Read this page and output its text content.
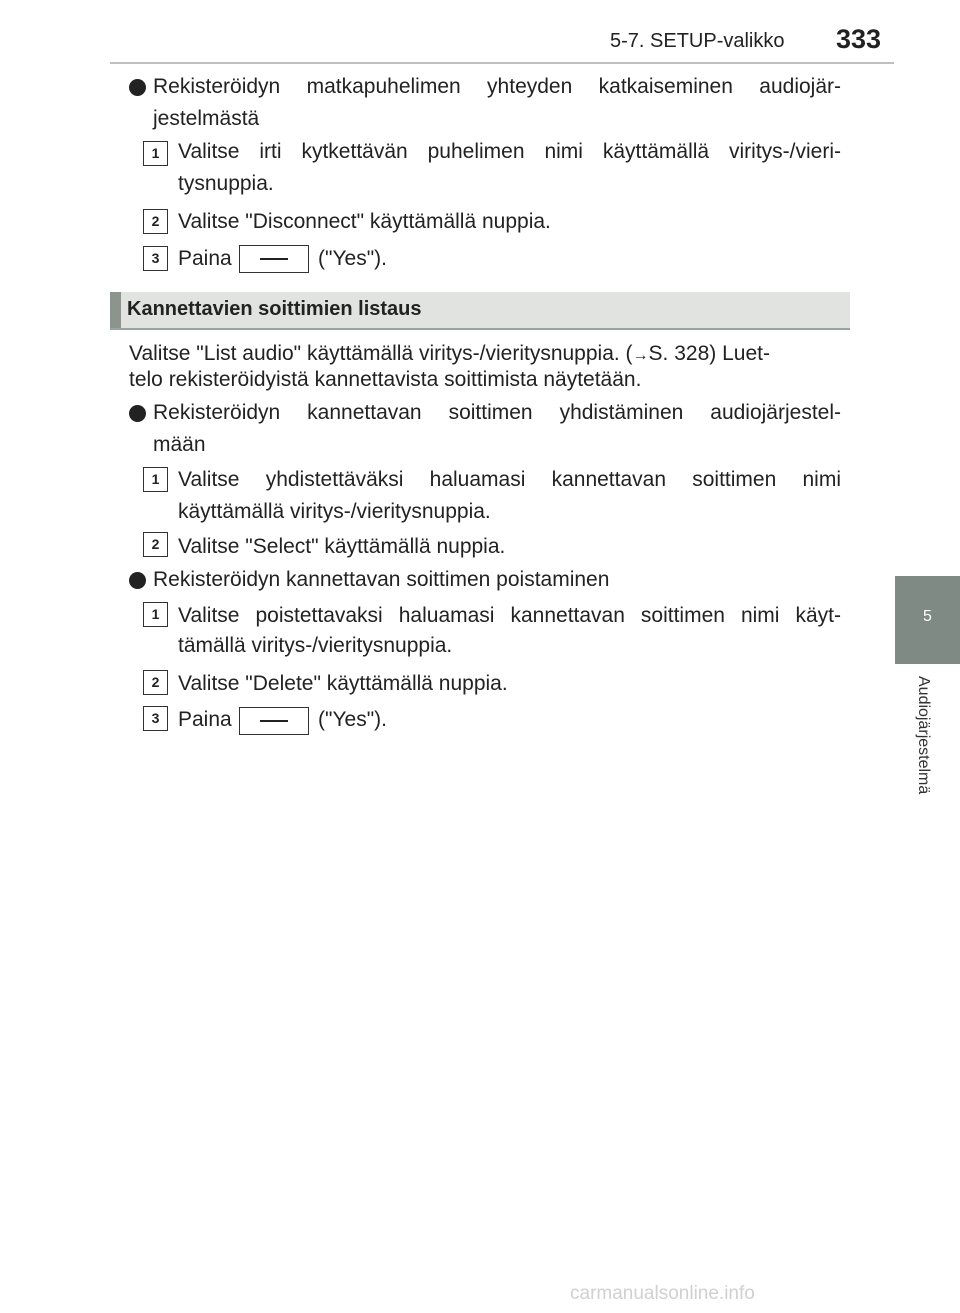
5-7. SETUP-valikko 333
5
Audiojärjestelmä
Rekisteröidyn matkapuhelimen yhteyden katkaiseminen audiojär-
jestelmästä
1 Valitse irti kytkettävän puhelimen nimi käyttämällä viritys-/vieri-
tysnuppia.
2 Valitse "Disconnect" käyttämällä nuppia.
3 Paina	("Yes").
Kannettavien soittimien listaus
Valitse "List audio" käyttämällä viritys-/vieritysnuppia. (→S. 328) Luet-
telo rekisteröidyistä kannettavista soittimista näytetään.
Rekisteröidyn kannettavan soittimen yhdistäminen audiojärjestel-
mään
1 Valitse yhdistettäväksi haluamasi kannettavan soittimen nimi
käyttämällä viritys-/vieritysnuppia.
2 Valitse "Select" käyttämällä nuppia.
Rekisteröidyn kannettavan soittimen poistaminen
1 Valitse poistettavaksi haluamasi kannettavan soittimen nimi käyt-
tämällä viritys-/vieritysnuppia.
2 Valitse "Delete" käyttämällä nuppia.
3 Paina	("Yes").
carmanualsonline.info
